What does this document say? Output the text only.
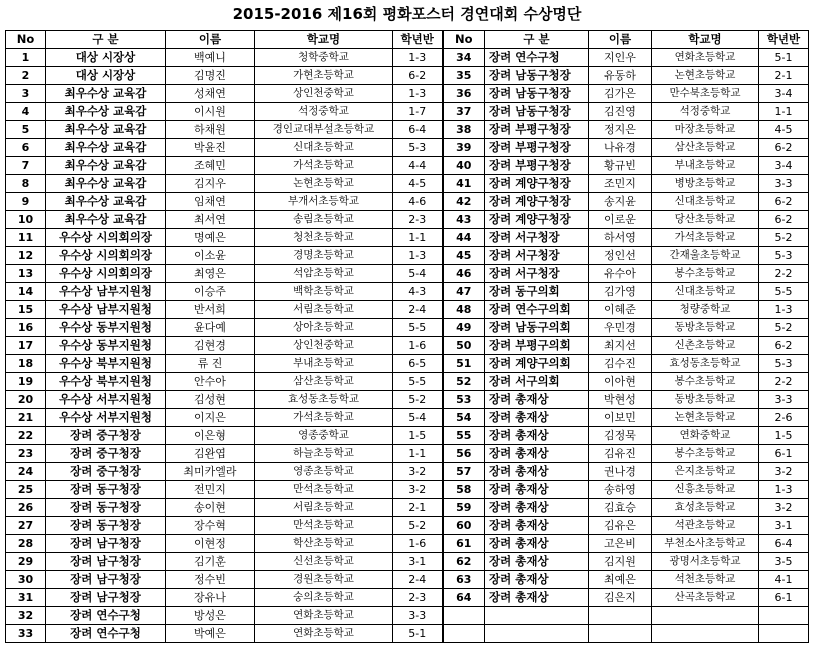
2015-2016 제16회 평화포스터 경연대회 수상명단
No	구 분	이름	학교명	학년반	No	구 분	이름	학교명	학년반
1	대상 시장상	백예니	청학중학교	1-3	34	장려 연수구청	지인우	연화초등학교	5-1
2	대상 시장상	김명진	가현초등학교	6-2	35	장려 남동구청장	유동하	논현초등학교	2-1
3	최우수상 교육감	성채연	상인천중학교	1-3	36	장려 남동구청장	김가은	만수북초등학교	3-4
4	최우수상 교육감	이시원	석정중학교	1-7	37	장려 남동구청장	김진영	석정중학교	1-1
5	최우수상 교육감	하채원	경인교대부설초등학교	6-4	38	장려 부평구청장	정지은	마장초등학교	4-5
6	최우수상 교육감	박윤진	신대초등학교	5-3	39	장려 부평구청장	나유경	삼산초등학교	6-2
7	최우수상 교육감	조혜민	가석초등학교	4-4	40	장려 부평구청장	황규빈	부내초등학교	3-4
8	최우수상 교육감	김지우	논현초등학교	4-5	41	장려 계양구청장	조민지	병방초등학교	3-3
9	최우수상 교육감	임채연	부개서초등학교	4-6	42	장려 계양구청장	송지윤	신대초등학교	6-2
10	최우수상 교육감	최서연	송림초등학교	2-3	43	장려 계양구청장	이로운	당산초등학교	6-2
11	우수상 시의회의장	명예은	청천초등학교	1-1	44	장려 서구청장	하서영	가석초등학교	5-2
12	우수상 시의회의장	이소윤	경명초등학교	1-3	45	장려 서구청장	정인선	간재울초등학교	5-3
13	우수상 시의회의장	최영은	석암초등학교	5-4	46	장려 서구청장	유수아	봉수초등학교	2-2
14	우수상 남부지원청	이승주	백학초등학교	4-3	47	장려 동구의회	김가영	신대초등학교	5-5
15	우수상 남부지원청	반서희	서림초등학교	2-4	48	장려 연수구의회	이혜준	청량중학교	1-3
16	우수상 동부지원청	윤다예	상아초등학교	5-5	49	장려 남동구의회	우민경	동방초등학교	5-2
17	우수상 동부지원청	김현경	상인천중학교	1-6	50	장려 부평구의회	최지선	신촌초등학교	6-2
18	우수상 북부지원청	류 진	부내초등학교	6-5	51	장려 계양구의회	김수진	효성동초등학교	5-3
19	우수상 북부지원청	안수아	삼산초등학교	5-5	52	장려 서구의회	이아현	봉수초등학교	2-2
20	우수상 서부지원청	김성현	효성동초등학교	5-2	53	장려 총재상	박현성	동방초등학교	3-3
21	우수상 서부지원청	이지은	가석초등학교	5-4	54	장려 총재상	이보민	논현초등학교	2-6
22	장려 중구청장	이은형	영종중학교	1-5	55	장려 총재상	김정묵	연화중학교	1-5
23	장려 중구청장	김완엽	하늘초등학교	1-1	56	장려 총재상	김유진	봉수초등학교	6-1
24	장려 중구청장	최미카엘라	영종초등학교	3-2	57	장려 총재상	권나경	은지초등학교	3-2
25	장려 동구청장	전민지	만석초등학교	3-2	58	장려 총재상	송하영	신흥초등학교	1-3
26	장려 동구청장	송이현	서림초등학교	2-1	59	장려 총재상	김효승	효성초등학교	3-2
27	장려 동구청장	장수혁	만석초등학교	5-2	60	장려 총재상	김유은	석관초등학교	3-1
28	장려 남구청장	이현정	학산초등학교	1-6	61	장려 총재상	고은비	부천소사초등학교	6-4
29	장려 남구청장	김기훈	신선초등학교	3-1	62	장려 총재상	김지원	광명서초등학교	3-5
30	장려 남구청장	정수빈	경원초등학교	2-4	63	장려 총재상	최예은	석천초등학교	4-1
31	장려 남구청장	장유나	숭의초등학교	2-3	64	장려 총재상	김은지	산곡초등학교	6-1
32	장려 연수구청	방성은	연화초등학교	3-3					
33	장려 연수구청	박예은	연화초등학교	5-1					
